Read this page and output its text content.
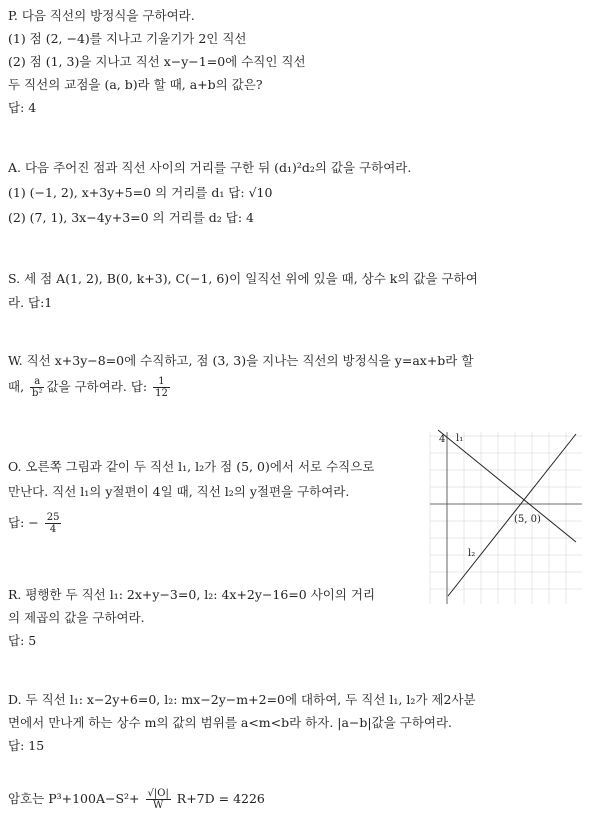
P. 다음 직선의 방정식을 구하여라.
(1) 점 (2, −4)를 지나고 기울기가 2인 직선
(2) 점 (1, 3)을 지나고 직선 x−y−1=0에 수직인 직선
두 직선의 교점을 (a, b)라 할 때, a+b의 값은?
답: 4
A. 다음 주어진 점과 직선 사이의 거리를 구한 뒤 (d₁)²d₂의 값을 구하여라.
(1) (−1, 2), x+3y+5=0 의 거리를 d₁ 답: √10
(2) (7, 1), 3x−4y+3=0 의 거리를 d₂ 답: 4
S. 세 점 A(1, 2), B(0, k+3), C(−1, 6)이 일직선 위에 있을 때, 상수 k의 값을 구하여
라. 답:1
W. 직선 x+3y−8=0에 수직하고, 점 (3, 3)을 지나는 직선의 방정식을 y=ax+b라 할
때, $\frac{a}{\text{b²}}$ 값을 구하여라. 답: $\frac{1}{12}$
O. 오른쪽 그림과 같이 두 직선 l₁, l₂가 점 (5, 0)에서 서로 수직으로
만난다. 직선 l₁의 y절편이 4일 때, 직선 l₂의 y절편을 구하여라.
답: − $\frac{25}{4}$
l₁
l₂
4
(5, 0)
R. 평행한 두 직선 l₁: 2x+y−3=0, l₂: 4x+2y−16=0 사이의 거리
의 제곱의 값을 구하여라.
답: 5
D. 두 직선 l₁: x−2y+6=0, l₂: mx−2y−m+2=0에 대하여, 두 직선 l₁, l₂가 제2사분
면에서 만나게 하는 상수 m의 값의 범위를 a<m<b라 하자. |a−b|값을 구하여라.
답: 15
암호는 $P^3+100A-S^2+ \frac{√|O|}{W} R+7D = 4226$
